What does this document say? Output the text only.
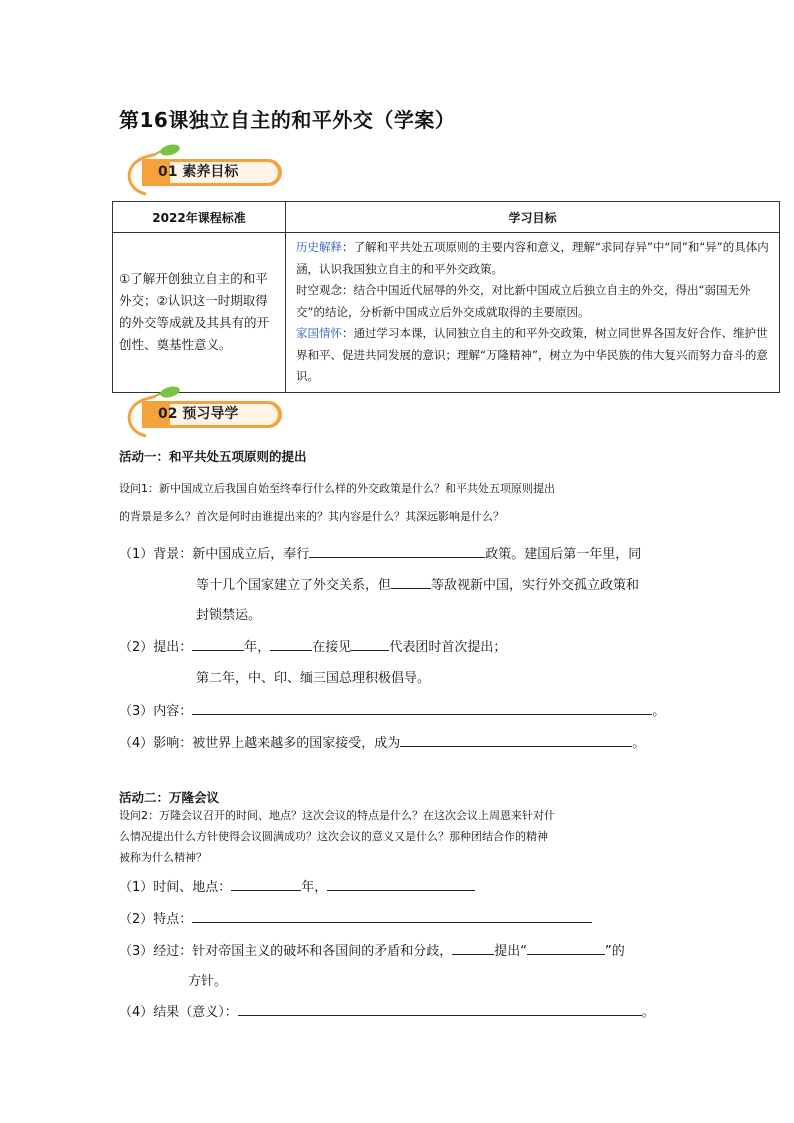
第16课独立自主的和平外交（学案）
01 素养目标
2022年课程标准	学习目标
①了解开创独立自主的和平外交；②认识这一时期取得的外交等成就及其具有的开创性、奠基性意义。	历史解释：了解和平共处五项原则的主要内容和意义，理解“求同存异”中“同”和“异”的具体内涵，认识我国独立自主的和平外交政策。
时空观念：结合中国近代屈辱的外交，对比新中国成立后独立自主的外交，得出“弱国无外交”的结论，分析新中国成立后外交成就取得的主要原因。
家国情怀：通过学习本课，认同独立自主的和平外交政策，树立同世界各国友好合作、维护世界和平、促进共同发展的意识；理解“万隆精神”，树立为中华民族的伟大复兴而努力奋斗的意识。
02 预习导学
活动一：和平共处五项原则的提出
设问1：新中国成立后我国自始至终奉行什么样的外交政策是什么？和平共处五项原则提出
的背景是多么？首次是何时由谁提出来的？其内容是什么？其深远影响是什么？
（1）背景：新中国成立后，奉行	政策。建国后第一年里，同
等十几个国家建立了外交关系，但	等敌视新中国，实行外交孤立政策和
封锁禁运。
（2）提出：	年，	在接见	代表团时首次提出；
第二年，中、印、缅三国总理积极倡导。
（3）内容：	。
（4）影响：被世界上越来越多的国家接受，成为	。
活动二：万隆会议
设问2：万隆会议召开的时间、地点？这次会议的特点是什么？在这次会议上周恩来针对什
么情况提出什么方针使得会议圆满成功？这次会议的意义又是什么？那种团结合作的精神
被称为什么精神？
（1）时间、地点：	年，
（2）特点：
（3）经过：针对帝国主义的破坏和各国间的矛盾和分歧，	提出“	”的
方针。
（4）结果（意义）：	。
